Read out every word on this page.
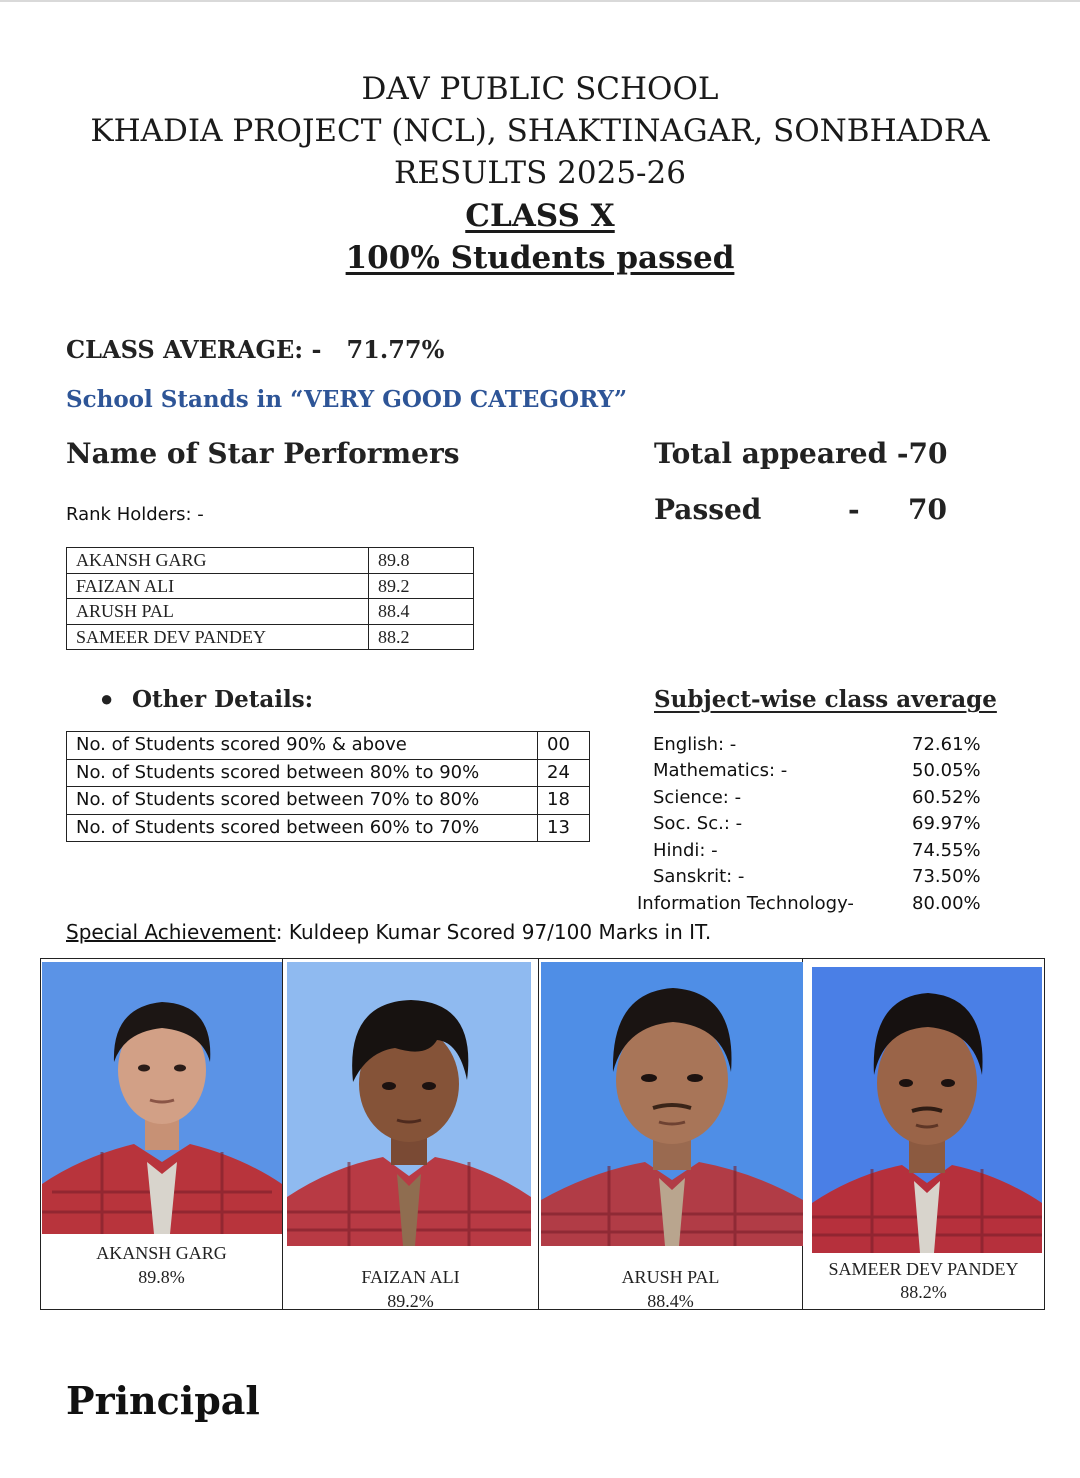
DAV PUBLIC SCHOOL
KHADIA PROJECT (NCL), SHAKTINAGAR, SONBHADRA
RESULTS 2025-26
CLASS X
100% Students passed
CLASS AVERAGE: -   71.77%
School Stands in “VERY GOOD CATEGORY”
Name of Star Performers	Total appeared -70
Passed	- 70
Rank Holders: -
AKANSH GARG	89.8
FAIZAN ALI	89.2
ARUSH PAL	88.4
SAMEER DEV PANDEY	88.2
● Other Details:
No. of Students scored 90% & above	00
No. of Students scored between 80% to 90%	24
No. of Students scored between 70% to 80%	18
No. of Students scored between 60% to 70%	13
Subject-wise class average
English: -	72.61%
Mathematics: -	50.05%
Science: -	60.52%
Soc. Sc.: -	69.97%
Hindi: -	74.55%
Sanskrit: -	73.50%
Information Technology-	80.00%
Special Achievement: Kuldeep Kumar Scored 97/100 Marks in IT.
AKANSH GARG
89.8%	FAIZAN ALI
89.2%
ARUSH PAL
88.4%
SAMEER DEV PANDEY
88.2%
Principal
